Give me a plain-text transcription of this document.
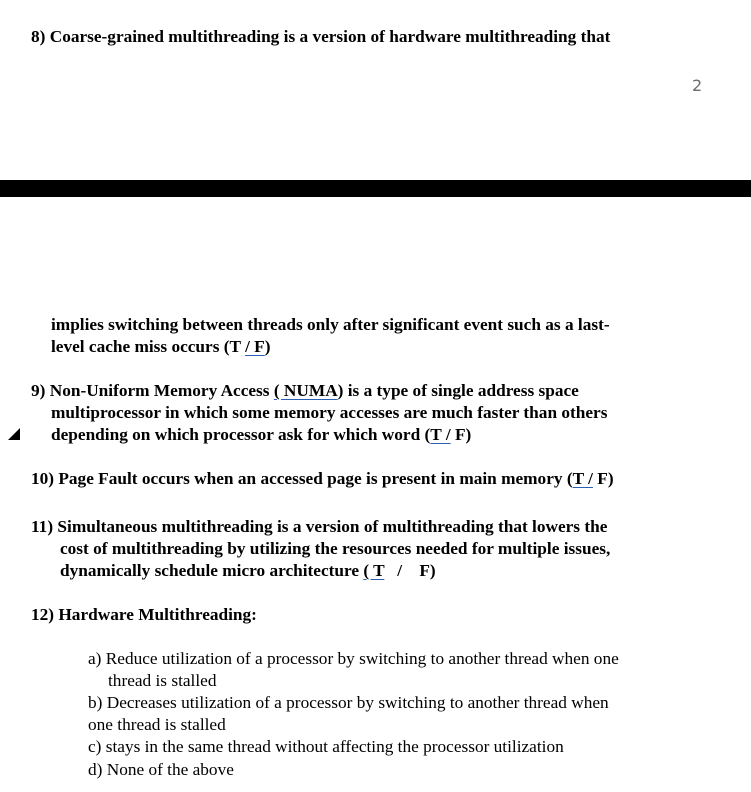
8) Coarse-grained multithreading is a version of hardware multithreading that
2
implies switching between threads only after significant event such as a last-
level cache miss occurs (T / F)
9) Non-Uniform Memory Access ( NUMA) is a type of single address space
multiprocessor in which some memory accesses are much faster than others
depending on which processor ask for which word (T / F)
10) Page Fault occurs when an accessed page is present in main memory (T / F)
11) Simultaneous multithreading is a version of multithreading that lowers the
cost of multithreading by utilizing the resources needed for multiple issues,
dynamically schedule micro architecture ( T   /    F)
12) Hardware Multithreading:
a) Reduce utilization of a processor by switching to another thread when one
thread is stalled
b) Decreases utilization of a processor by switching to another thread when
one thread is stalled
c) stays in the same thread without affecting the processor utilization
d) None of the above
